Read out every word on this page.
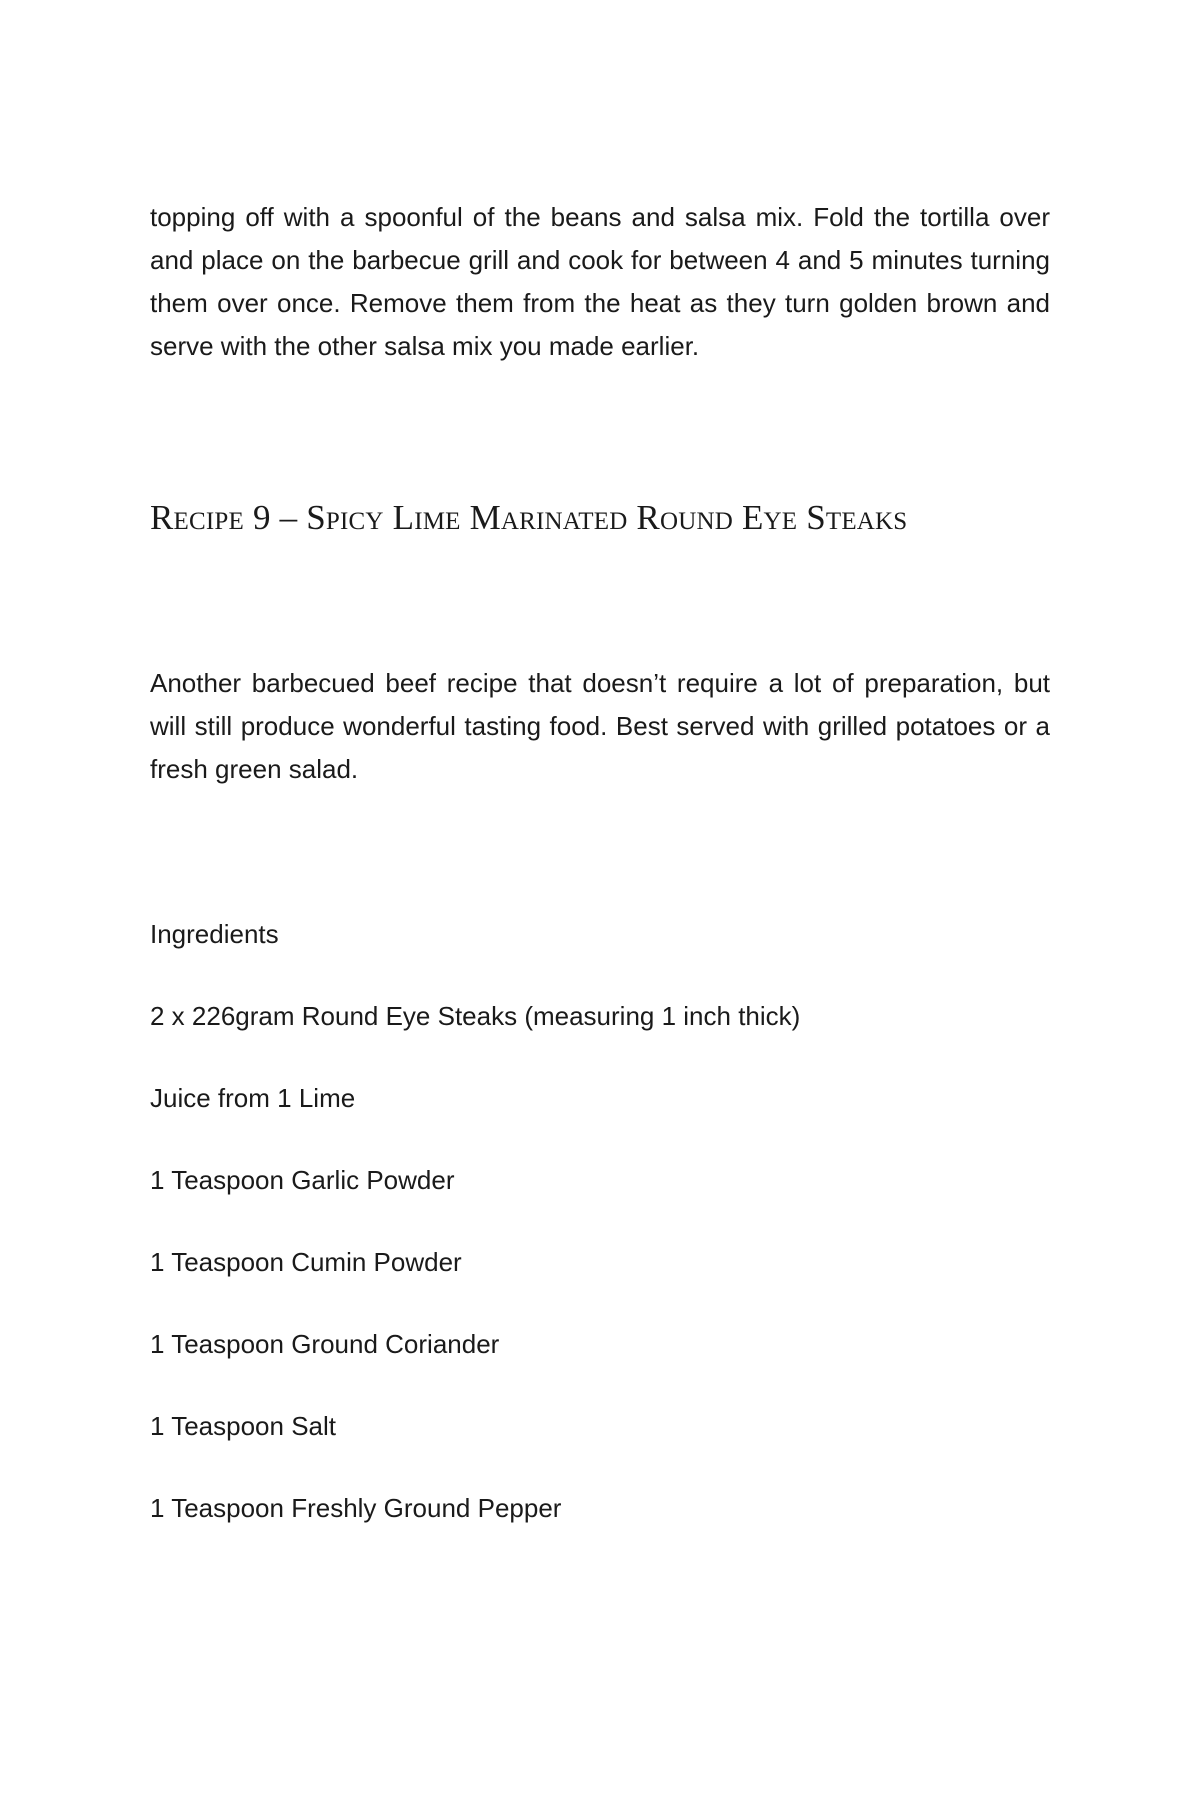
topping off with a spoonful of the beans and salsa mix. Fold the tortilla over and place on the barbecue grill and cook for between 4 and 5 minutes turning them over once. Remove them from the heat as they turn golden brown and serve with the other salsa mix you made earlier.

Recipe 9 – Spicy Lime Marinated Round Eye Steaks

Another barbecued beef recipe that doesn’t require a lot of preparation, but will still produce wonderful tasting food. Best served with grilled potatoes or a fresh green salad.

Ingredients

2 x 226gram Round Eye Steaks (measuring 1 inch thick)
Juice from 1 Lime
1 Teaspoon Garlic Powder
1 Teaspoon Cumin Powder
1 Teaspoon Ground Coriander
1 Teaspoon Salt
1 Teaspoon Freshly Ground Pepper
